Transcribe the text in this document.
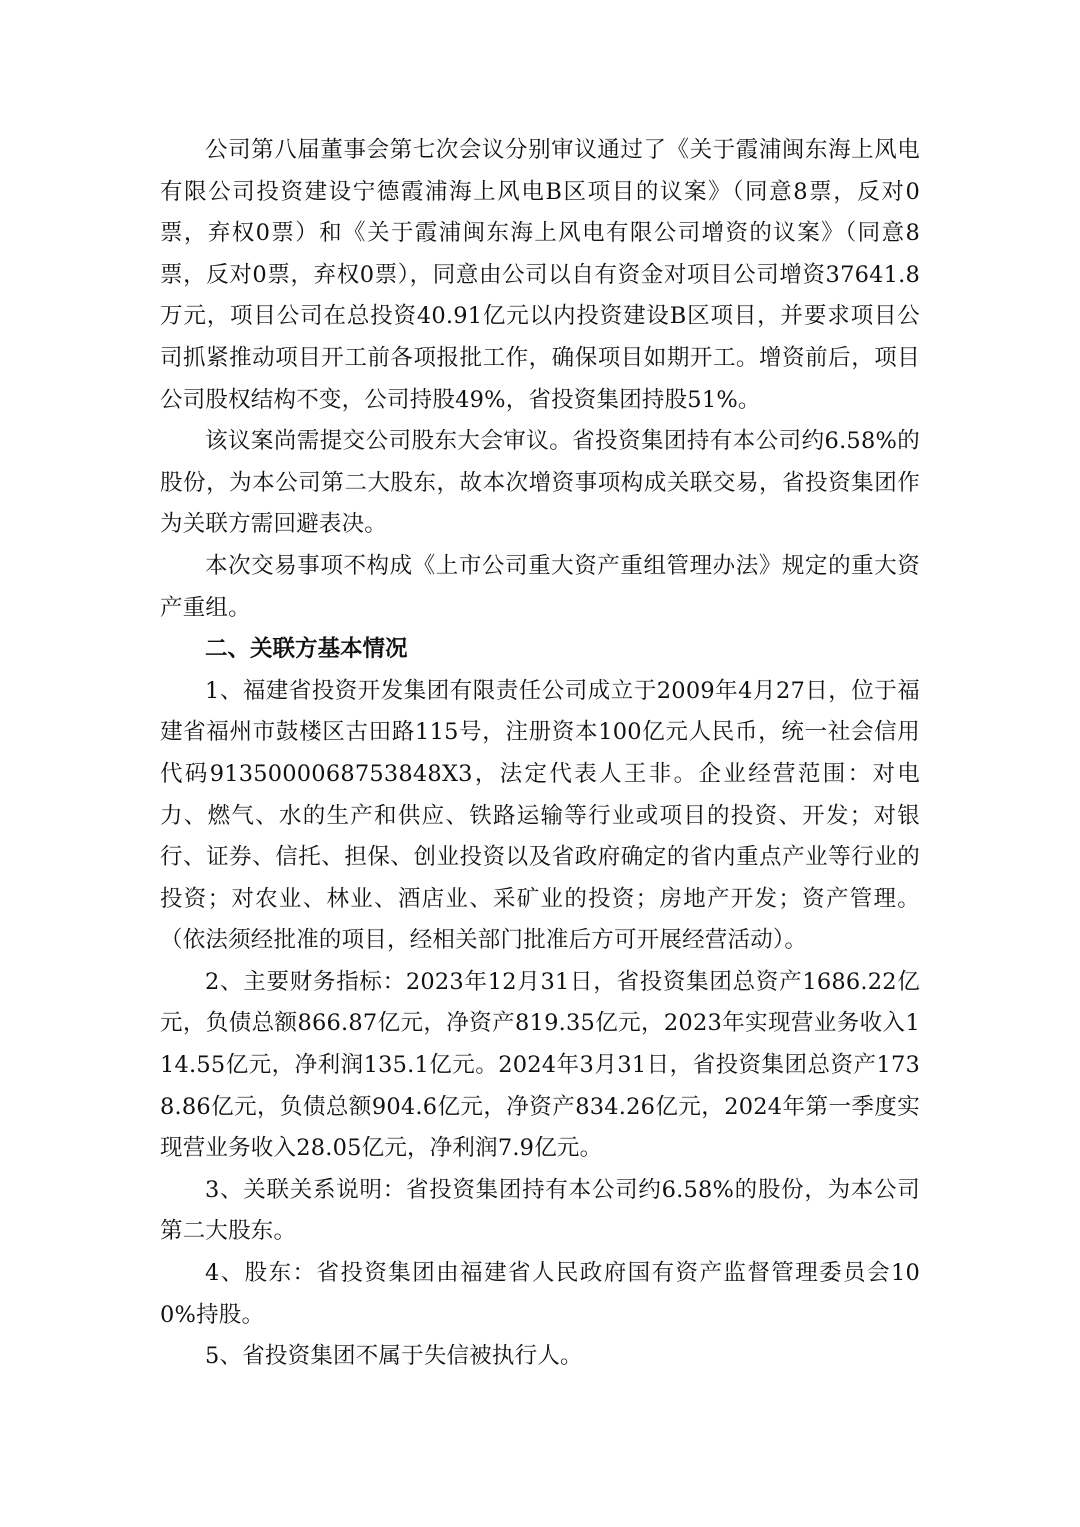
公司第八届董事会第七次会议分别审议通过了《关于霞浦闽东海上风电有限公司投资建设宁德霞浦海上风电B区项目的议案》（同意8票，反对0票，弃权0票）和《关于霞浦闽东海上风电有限公司增资的议案》（同意8票，反对0票，弃权0票），同意由公司以自有资金对项目公司增资37641.8万元，项目公司在总投资40.91亿元以内投资建设B区项目，并要求项目公司抓紧推动项目开工前各项报批工作，确保项目如期开工。增资前后，项目公司股权结构不变，公司持股49%，省投资集团持股51%。

该议案尚需提交公司股东大会审议。省投资集团持有本公司约6.58%的股份，为本公司第二大股东，故本次增资事项构成关联交易，省投资集团作为关联方需回避表决。

本次交易事项不构成《上市公司重大资产重组管理办法》规定的重大资产重组。

二、关联方基本情况

1、福建省投资开发集团有限责任公司成立于2009年4月27日，位于福建省福州市鼓楼区古田路115号，注册资本100亿元人民币，统一社会信用代码9135000068753848X3，法定代表人王非。企业经营范围：对电力、燃气、水的生产和供应、铁路运输等行业或项目的投资、开发；对银行、证券、信托、担保、创业投资以及省政府确定的省内重点产业等行业的投资；对农业、林业、酒店业、采矿业的投资；房地产开发；资产管理。（依法须经批准的项目，经相关部门批准后方可开展经营活动）。

2、主要财务指标：2023年12月31日，省投资集团总资产1686.22亿元，负债总额866.87亿元，净资产819.35亿元，2023年实现营业务收入114.55亿元，净利润135.1亿元。2024年3月31日，省投资集团总资产1738.86亿元，负债总额904.6亿元，净资产834.26亿元，2024年第一季度实现营业务收入28.05亿元，净利润7.9亿元。

3、关联关系说明：省投资集团持有本公司约6.58%的股份，为本公司第二大股东。

4、股东：省投资集团由福建省人民政府国有资产监督管理委员会100%持股。

5、省投资集团不属于失信被执行人。
